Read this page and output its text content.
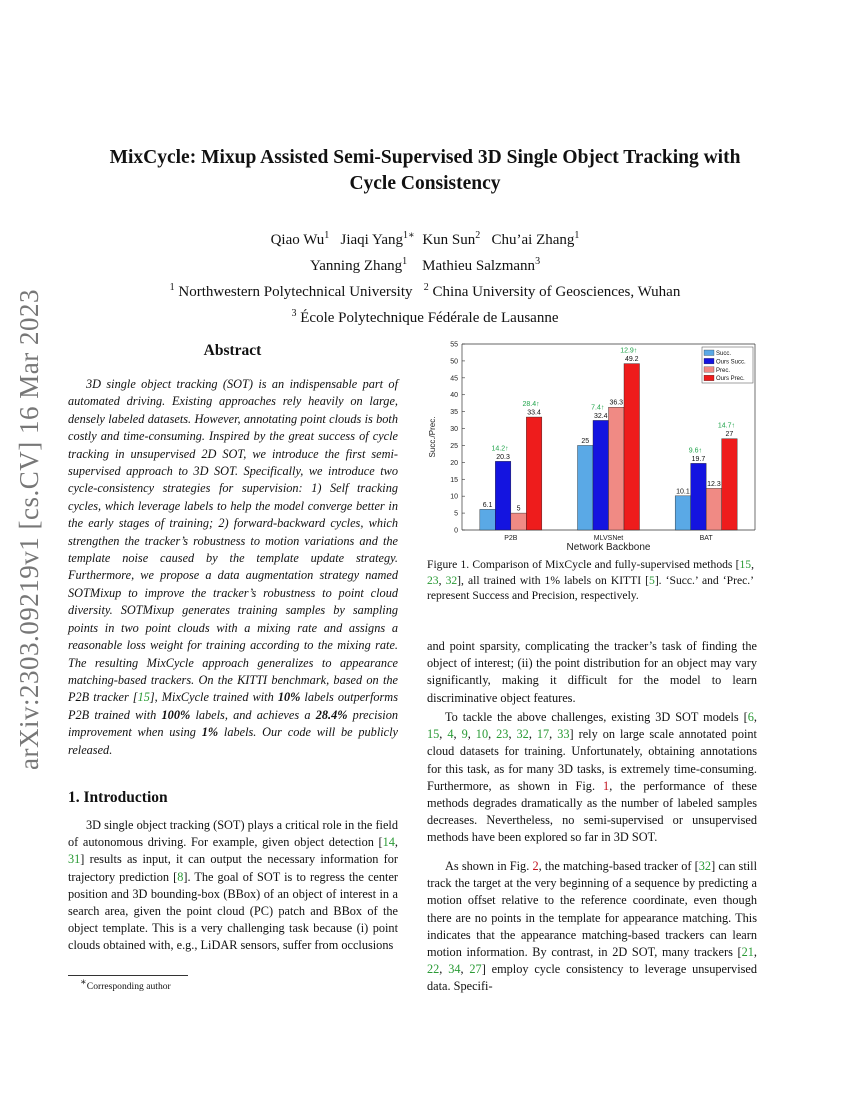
arXiv:2303.09219v1 [cs.CV] 16 Mar 2023
MixCycle: Mixup Assisted Semi-Supervised 3D Single Object Tracking with
Cycle Consistency
Qiao Wu$^1$ Jiaqi Yang$^{1∗}$ Kun Sun$^2$ Chu’ai Zhang$^1$
Yanning Zhang$^1$ Mathieu Salzmann$^3$
$^1$ Northwestern Polytechnical University $^2$ China University of Geosciences, Wuhan
$^3$ École Polytechnique Fédérale de Lausanne
Abstract

3D single object tracking (SOT) is an indispensable part of automated driving. Existing approaches rely heavily on large, densely labeled datasets. However, annotating point clouds is both costly and time-consuming. Inspired by the great success of cycle tracking in unsupervised 2D SOT, we introduce the first semi-supervised approach to 3D SOT. Specifically, we introduce two cycle-consistency strategies for supervision: 1) Self tracking cycles, which leverage labels to help the model converge better in the early stages of training; 2) forward-backward cycles, which strengthen the tracker’s robustness to motion variations and the template noise caused by the template update strategy. Furthermore, we propose a data augmentation strategy named SOTMixup to improve the tracker’s robustness to point cloud diversity. SOTMixup generates training samples by sampling points in two point clouds with a mixing rate and assigns a reasonable loss weight for training according to the mixing rate. The resulting MixCycle approach generalizes to appearance matching-based trackers. On the KITTI benchmark, based on the P2B tracker [15], MixCycle trained with 10% labels outperforms P2B trained with 100% labels, and achieves a 28.4% precision improvement when using 1% labels. Our code will be publicly released.

1. Introduction

3D single object tracking (SOT) plays a critical role in the field of autonomous driving. For example, given object detection [14, 31] results as input, it can output the necessary information for trajectory prediction [8]. The goal of SOT is to regress the center position and 3D bounding-box (BBox) of an object of interest in a search area, given the point cloud (PC) patch and BBox of the object template. This is a very challenging task because (i) point clouds obtained with, e.g., LiDAR sensors, suffer from occlusions

∗Corresponding author
0
5
10
15
20
25
30
35
40
45
50
55
Succ./Prec.
Network Backbone
P2B
6.1
20.3
14.2↑
5
33.4
28.4↑
MLVSNet
25
32.4
7.4↑
36.3
49.2
12.9↑
BAT
10.1
19.7
9.6↑
12.3
27
14.7↑
Succ.
Ours Succ.
Prec.
Ours Prec.

Figure 1. Comparison of MixCycle and fully-supervised methods [15, 23, 32], all trained with 1% labels on KITTI [5]. ‘Succ.’ and ‘Prec.’ represent Success and Precision, respectively.

and point sparsity, complicating the tracker’s task of finding the object of interest; (ii) the point distribution for an object may vary significantly, making it difficult for the model to learn discriminative object features.

To tackle the above challenges, existing 3D SOT models [6, 15, 4, 9, 10, 23, 32, 17, 33] rely on large scale annotated point cloud datasets for training. Unfortunately, obtaining annotations for this task, as for many 3D tasks, is extremely time-consuming. Furthermore, as shown in Fig. 1, the performance of these methods degrades dramatically as the number of labeled samples decreases. Nevertheless, no semi-supervised or unsupervised methods have been explored so far in 3D SOT.

As shown in Fig. 2, the matching-based tracker of [32] can still track the target at the very beginning of a sequence by predicting a motion offset relative to the reference coordinate, even though there are no points in the template for appearance matching. This indicates that the appearance matching-based trackers can learn motion information. By contrast, in 2D SOT, many trackers [21, 22, 34, 27] employ cycle consistency to leverage unsupervised data. Specifi-
